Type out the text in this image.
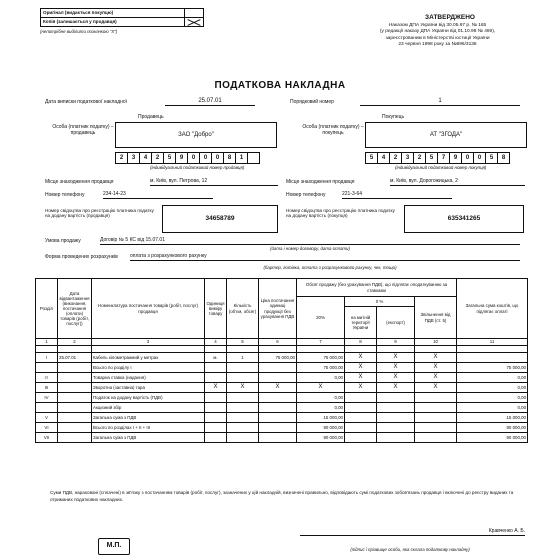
Оригінал (видається покупцю)
Копія (залишається у продавця)
(непотрібне виділити позначкою "X")
ЗАТВЕРДЖЕНО
Наказом ДПА України від 30.05.97 р. № 165
(у редакції наказу ДПА України від 01.10.98 № 469),
зареєстрованим в Міністерстві юстиції України
23 червня 1998 року за №696/3136
ПОДАТКОВА НАКЛАДНА
Дата виписки податкової накладної	25.07.01	Порядковий номер	1
Продавець	Покупець
Особа (платник податку) – продавець	ЗАО "Добро"
Особа (платник податку) – покупець	АТ "ЗГОДА"
2	3	4	2	5	9	0	0	0	8	1	5	4	2	3	2	5	7	9	0	0	5	8
(індивідуальний податковий номер продавця)	(індивідуальний податковий номер покупця)
Місце знаходження продавця	м. Київ, вул. Петрова, 12	Місце знаходження продавця	м. Київ, вул. Дорогожицька, 2
Номер телефону	234-14-23	Номер телефону	221-3-64
Номер свідоцтва про реєстрацію платника податку на додану вартість (продавця)	34658789
Номер свідоцтва про реєстрацію платника податку на додану вартість (покупця)	635341265
Умова продажу	Договір № 5 КС від 15.07.01
(дата і номер договору, дата оплати)
Форма проведених розрахунків оплата з розрахункового рахунку
(бартер, готівка, оплата з розрахункового рахунку, чек, тощо)
Розділ	Дата відвантаження (виконання, постачання (оплати) товарів (робіт, послуг))	Номенклатура постачання товарів (робіт, послуг) продавця	Одиниця виміру товару	Кількість (об'єм, обсяг)	Ціна постачання одиниці продукції без урахування ПДВ	Обсяг продажу (без урахування ПДВ), що підлягає оподаткуванню за ставками				Загальна сума коштів, що підлягає оплаті
						20%	0 %		Звільнення від ПДВ (ст. 5)	
							на митній території України	(експорт)		
1	2	3	4	5	6	7	8	9	10	11

I	25.07.01	Кабель кілометражний у метрах	м.	1	75 000,00	75 000,00	X	X	X	
		Всього по розділу I				75 000,00	X	X	X	75 000,00
II		Товарна ставка (надання)				0,00	X	X	X	0,00
III		Зворотна (заставна) тара	X	X	X	X	X	X	X	0,00
IV		Податок на додану вартість (ПДВ)				0,00				0,00
		Акцизний збір				0,00				0,00
V		Загальна сума з ПДВ				15 000,00				15 000,00
VI		Всього по розділах I + II + III				90 000,00				90 000,00
VII		Загальна сума з ПДВ				90 000,00				90 000,00
Суми ПДВ, нараховані (сплачені) в зв'язку з постачанням товарів (робіт, послуг), зазначених у цій накладній, визначені правильно, відповідають сумі податкових зобов'язань продавця і включені до реєстру виданих та отриманих податкових накладних.
Кравченко А. Б.
(підпис і прізвище особи, яка склала податкову накладну)
М.П.
